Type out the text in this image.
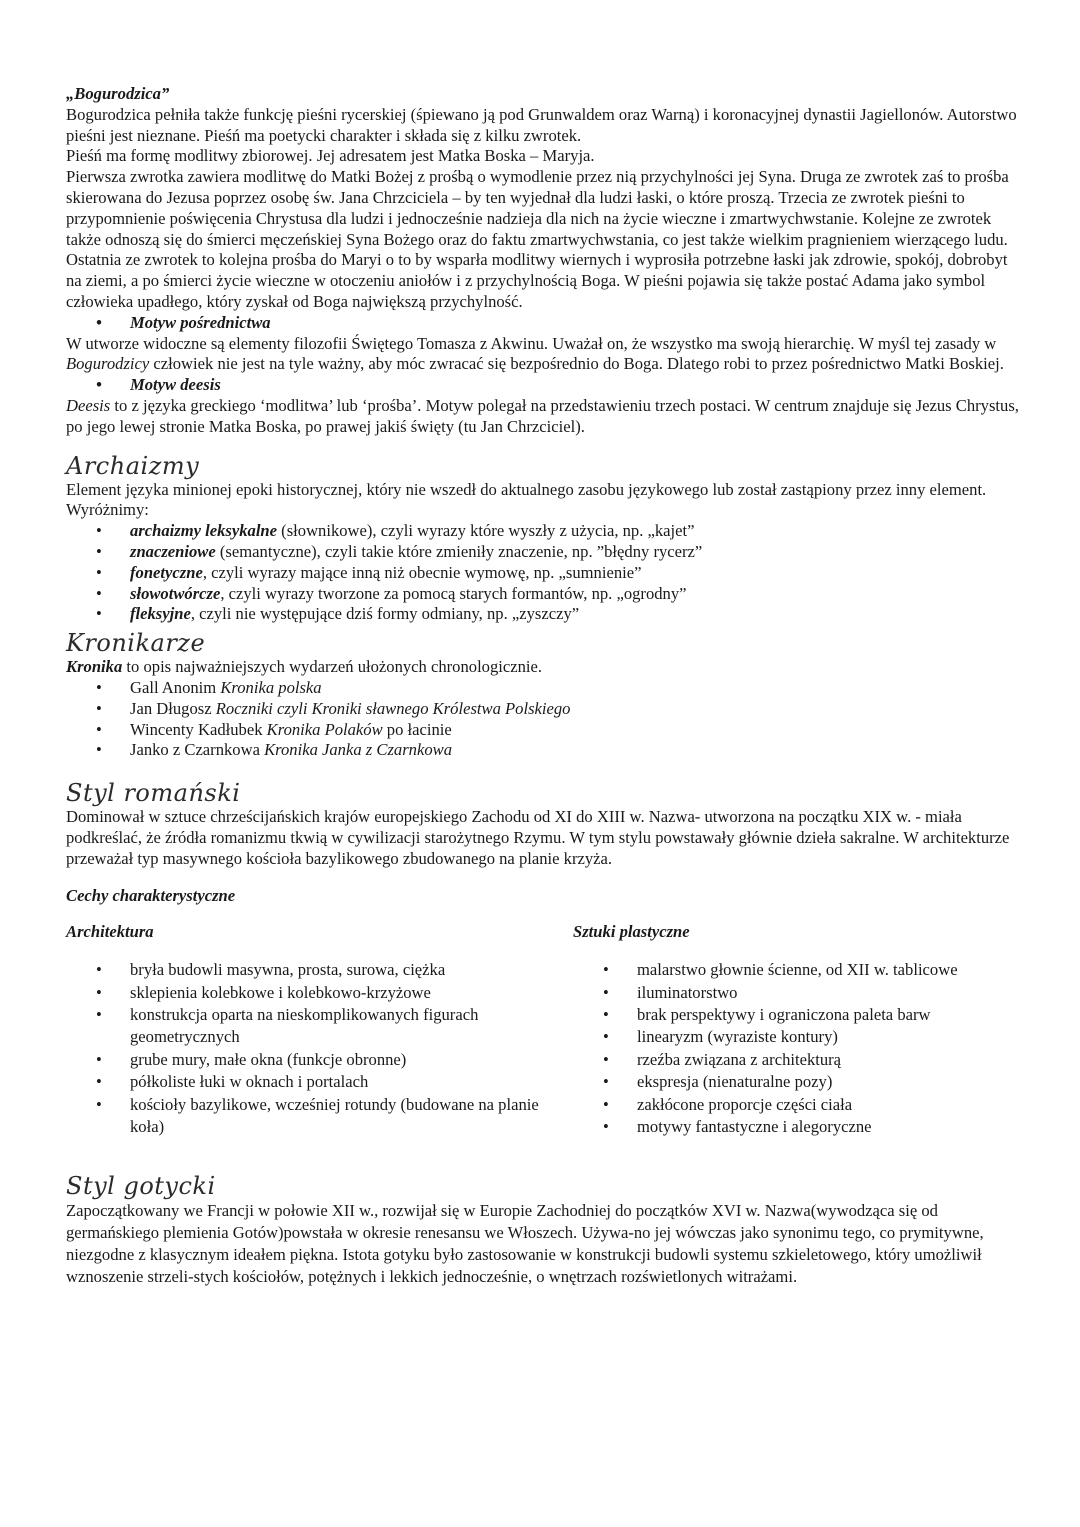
„Bogurodzica”

Bogurodzica pełniła także funkcję pieśni rycerskiej (śpiewano ją pod Grunwaldem oraz Warną) i koronacyjnej dynastii Jagiellonów. Autorstwo pieśni jest nieznane. Pieśń ma poetycki charakter i składa się z kilku zwrotek.

Pieśń ma formę modlitwy zbiorowej. Jej adresatem jest Matka Boska – Maryja.

Pierwsza zwrotka zawiera modlitwę do Matki Bożej z prośbą o wymodlenie przez nią przychylności jej Syna. Druga ze zwrotek zaś to prośba skierowana do Jezusa poprzez osobę św. Jana Chrzciciela – by ten wyjednał dla ludzi łaski, o które proszą. Trzecia ze zwrotek pieśni to przypomnienie poświęcenia Chrystusa dla ludzi i jednocześnie nadzieja dla nich na życie wieczne i zmartwychwstanie. Kolejne ze zwrotek także odnoszą się do śmierci męczeńskiej Syna Bożego oraz do faktu zmartwychwstania, co jest także wielkim pragnieniem wierzącego ludu. Ostatnia ze zwrotek to kolejna prośba do Maryi o to by wsparła modlitwy wiernych i wyprosiła potrzebne łaski jak zdrowie, spokój, dobrobyt na ziemi, a po śmierci życie wieczne w otoczeniu aniołów i z przychylnością Boga. W pieśni pojawia się także postać Adama jako symbol człowieka upadłego, który zyskał od Boga największą przychylność.

• Motyw pośrednictwa

W utworze widoczne są elementy filozofii Świętego Tomasza z Akwinu. Uważał on, że wszystko ma swoją hierarchię. W myśl tej zasady w Bogurodzicy człowiek nie jest na tyle ważny, aby móc zwracać się bezpośrednio do Boga. Dlatego robi to przez pośrednictwo Matki Boskiej.

• Motyw deesis

Deesis to z języka greckiego ‘modlitwa’ lub ‘prośba’. Motyw polegał na przedstawieniu trzech postaci. W centrum znajduje się Jezus Chrystus, po jego lewej stronie Matka Boska, po prawej jakiś święty (tu Jan Chrzciciel).

Archaizmy

Element języka minionej epoki historycznej, który nie wszedł do aktualnego zasobu językowego lub został zastąpiony przez inny element. Wyróżnimy:

• archaizmy leksykalne (słownikowe), czyli wyrazy które wyszły z użycia, np. „kajet”
• znaczeniowe (semantyczne), czyli takie które zmieniły znaczenie, np. ”błędny rycerz”
• fonetyczne, czyli wyrazy mające inną niż obecnie wymowę, np. „sumnienie”
• słowotwórcze, czyli wyrazy tworzone za pomocą starych formantów, np. „ogrodny”
• fleksyjne, czyli nie występujące dziś formy odmiany, np. „zyszczy”
Kronikarze

Kronika to opis najważniejszych wydarzeń ułożonych chronologicznie.

• Gall Anonim Kronika polska
• Jan Długosz Roczniki czyli Kroniki sławnego Królestwa Polskiego
• Wincenty Kadłubek Kronika Polaków po łacinie
• Janko z Czarnkowa Kronika Janka z Czarnkowa
Styl romański

Dominował w sztuce chrześcijańskich krajów europejskiego Zachodu od XI do XIII w. Nazwa- utworzona na początku XIX w. - miała podkreślać, że źródła romanizmu tkwią w cywilizacji starożytnego Rzymu. W tym stylu powstawały głównie dzieła sakralne. W architekturze przeważał typ masywnego kościoła bazylikowego zbudowanego na planie krzyża.

Cechy charakterystyczne

Architektura

• bryła budowli masywna, prosta, surowa, ciężka
• sklepienia kolebkowe i kolebkowo-krzyżowe
• konstrukcja oparta na nieskomplikowanych figurach geometrycznych
• grube mury, małe okna (funkcje obronne)
• półkoliste łuki w oknach i portalach
• kościoły bazylikowe, wcześniej rotundy (budowane na planie koła)

Sztuki plastyczne

• malarstwo głownie ścienne, od XII w. tablicowe
• iluminatorstwo
• brak perspektywy i ograniczona paleta barw
• linearyzm (wyraziste kontury)
• rzeźba związana z architekturą
• ekspresja (nienaturalne pozy)
• zakłócone proporcje części ciała
• motywy fantastyczne i alegoryczne
Styl gotycki

Zapoczątkowany we Francji w połowie XII w., rozwijał się w Europie Zachodniej do początków XVI w. Nazwa(wywodząca się od germańskiego plemienia Gotów)powstała w okresie renesansu we Włoszech. Używa-no jej wówczas jako synonimu tego, co prymitywne, niezgodne z klasycznym ideałem piękna. Istota gotyku było zastosowanie w konstrukcji budowli systemu szkieletowego, który umożliwił wznoszenie strzeli-stych kościołów, potężnych i lekkich jednocześnie, o wnętrzach rozświetlonych witrażami.
